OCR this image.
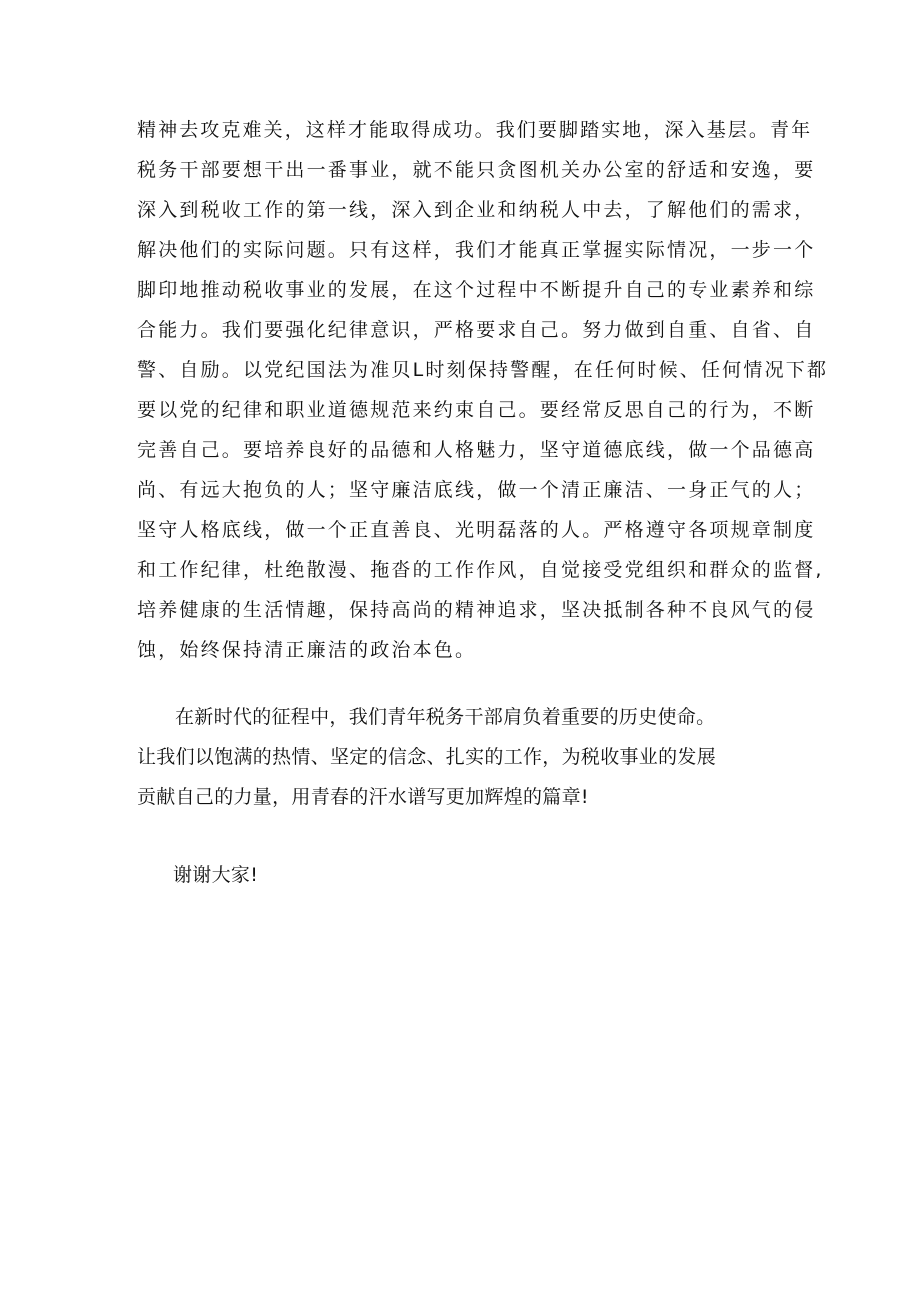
精神去攻克难关，这样才能取得成功。我们要脚踏实地，深入基层。青年
税务干部要想干出一番事业，就不能只贪图机关办公室的舒适和安逸，要
深入到税收工作的第一线，深入到企业和纳税人中去，了解他们的需求，
解决他们的实际问题。只有这样，我们才能真正掌握实际情况，一步一个
脚印地推动税收事业的发展，在这个过程中不断提升自己的专业素养和综
合能力。我们要强化纪律意识，严格要求自己。努力做到自重、自省、自
警、自励。以党纪国法为准贝L时刻保持警醒，在任何时候、任何情况下都
要以党的纪律和职业道德规范来约束自己。要经常反思自己的行为，不断
完善自己。要培养良好的品德和人格魅力，坚守道德底线，做一个品德高
尚、有远大抱负的人；坚守廉洁底线，做一个清正廉洁、一身正气的人；
坚守人格底线，做一个正直善良、光明磊落的人。严格遵守各项规章制度
和工作纪律，杜绝散漫、拖沓的工作作风，自觉接受党组织和群众的监督,
培养健康的生活情趣，保持高尚的精神追求，坚决抵制各种不良风气的侵
蚀，始终保持清正廉洁的政治本色。
在新时代的征程中，我们青年税务干部肩负着重要的历史使命。
让我们以饱满的热情、坚定的信念、扎实的工作，为税收事业的发展
贡献自己的力量，用青春的汗水谱写更加辉煌的篇章!
谢谢大家!
